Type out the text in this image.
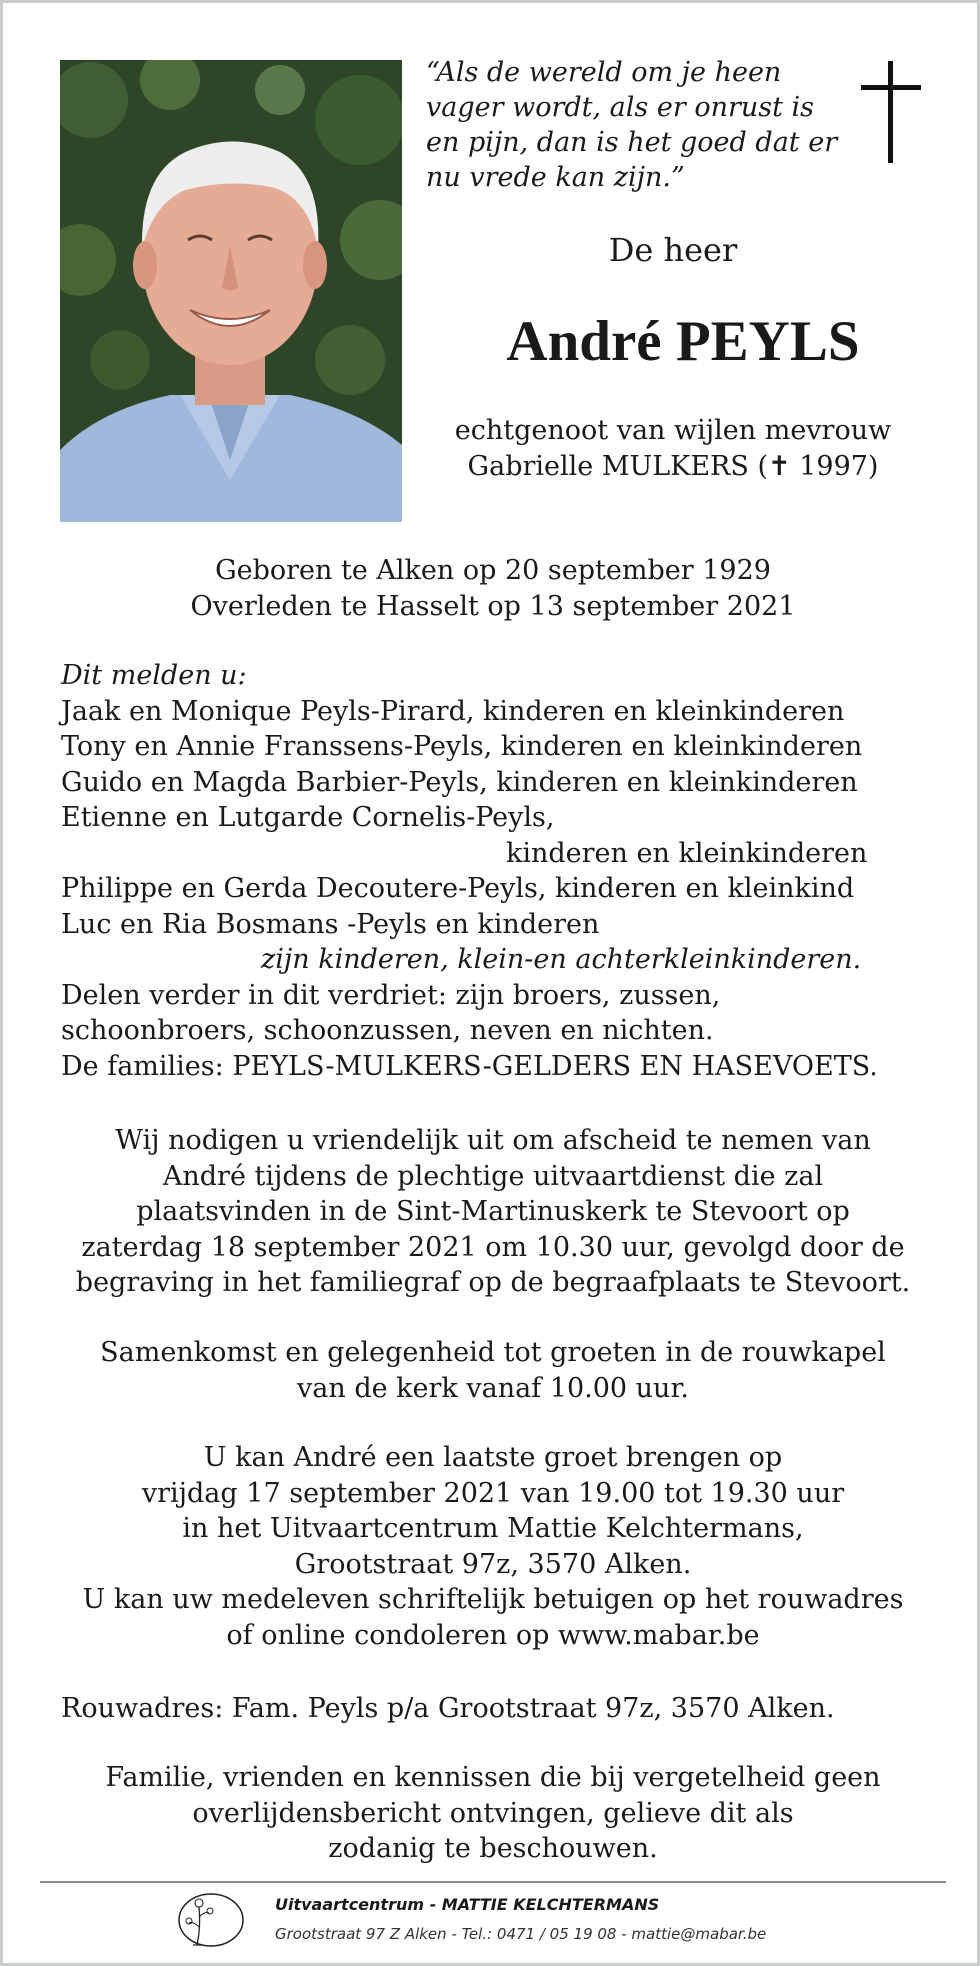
“Als de wereld om je heen
vager wordt, als er onrust is
en pijn, dan is het goed dat er
nu vrede kan zijn.”

De heer

André PEYLS

echtgenoot van wijlen mevrouw
Gabrielle MULKERS (✝ 1997)

Geboren te Alken op 20 september 1929
Overleden te Hasselt op 13 september 2021

Dit melden u:
Jaak en Monique Peyls-Pirard, kinderen en kleinkinderen
Tony en Annie Franssens-Peyls, kinderen en kleinkinderen
Guido en Magda Barbier-Peyls, kinderen en kleinkinderen
Etienne en Lutgarde Cornelis-Peyls,
kinderen en kleinkinderen
Philippe en Gerda Decoutere-Peyls, kinderen en kleinkind
Luc en Ria Bosmans -Peyls en kinderen
zijn kinderen, klein-en achterkleinkinderen.
Delen verder in dit verdriet: zijn broers, zussen,
schoonbroers, schoonzussen, neven en nichten.
De families: PEYLS-MULKERS-GELDERS EN HASEVOETS.

Wij nodigen u vriendelijk uit om afscheid te nemen van
André tijdens de plechtige uitvaartdienst die zal
plaatsvinden in de Sint-Martinuskerk te Stevoort op
zaterdag 18 september 2021 om 10.30 uur, gevolgd door de
begraving in het familiegraf op de begraafplaats te Stevoort.

Samenkomst en gelegenheid tot groeten in de rouwkapel
van de kerk vanaf 10.00 uur.

U kan André een laatste groet brengen op
vrijdag 17 september 2021 van 19.00 tot 19.30 uur
in het Uitvaartcentrum Mattie Kelchtermans,
Grootstraat 97z, 3570 Alken.
U kan uw medeleven schriftelijk betuigen op het rouwadres
of online condoleren op www.mabar.be

Rouwadres: Fam. Peyls p/a Grootstraat 97z, 3570 Alken.

Familie, vrienden en kennissen die bij vergetelheid geen
overlijdensbericht ontvingen, gelieve dit als
zodanig te beschouwen.

Uitvaartcentrum - MATTIE KELCHTERMANS
Grootstraat 97 Z Alken - Tel.: 0471 / 05 19 08 - mattie@mabar.be
